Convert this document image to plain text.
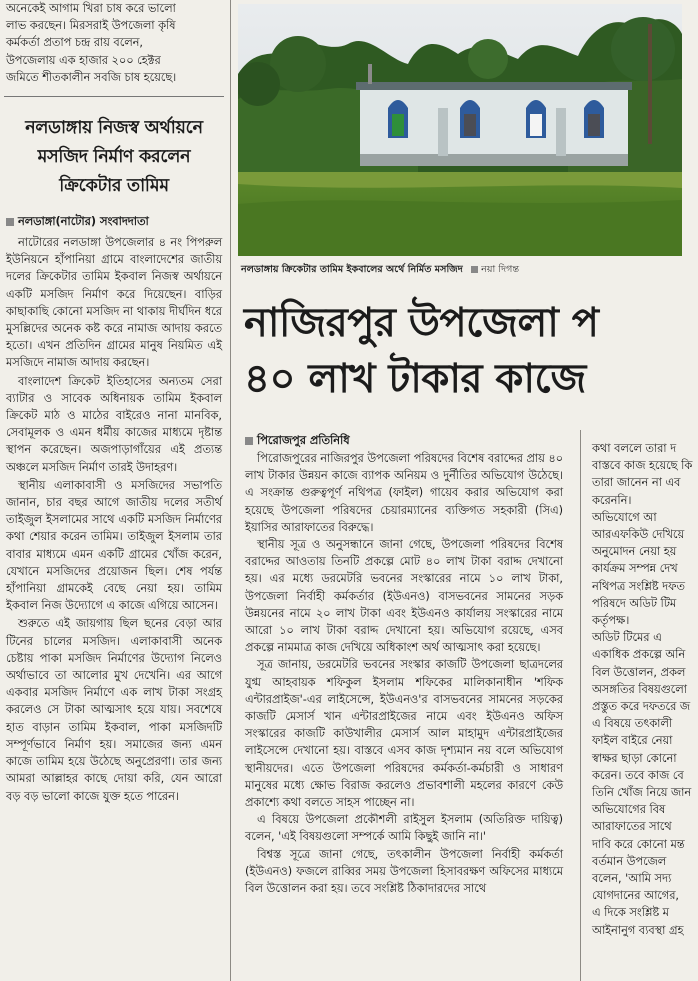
অনেকেই আগাম খিরা চাষ করে ভালো

লাভ করছেন। মিরসরাই উপজেলা কৃষি

কর্মকর্তা প্রতাপ চন্দ্র রায় বলেন,

উপজেলায় এক হাজার ২০০ হেক্টর

জমিতে শীতকালীন সবজি চাষ হয়েছে।

নলডাঙ্গায় নিজস্ব অর্থায়নে
মসজিদ নির্মাণ করলেন
ক্রিকেটার তামিম
নলডাঙ্গা(নাটোর) সংবাদদাতা

নাটোরের নলডাঙ্গা উপজেলার ৪ নং পিপরুল ইউনিয়নে হাঁপানিয়া গ্রামে বাংলাদেশের জাতীয় দলের ক্রিকেটার তামিম ইকবাল নিজস্ব অর্থায়নে একটি মসজিদ নির্মাণ করে দিয়েছেন। বাড়ির কাছাকাছি কোনো মসজিদ না থাকায় দীর্ঘদিন ধরে মুসল্লিদের অনেক কষ্ট করে নামাজ আদায় করতে হতো। এখন প্রতিদিন গ্রামের মানুষ নিয়মিত এই মসজিদে নামাজ আদায় করছেন।

বাংলাদেশ ক্রিকেট ইতিহাসের অন্যতম সেরা ব্যাটার ও সাবেক অধিনায়ক তামিম ইকবাল ক্রিকেট মাঠ ও মাঠের বাইরেও নানা মানবিক, সেবামূলক ও এমন ধর্মীয় কাজের মাধ্যমে দৃষ্টান্ত স্থাপন করেছেন। অজপাড়াগাঁয়ের এই প্রত্যন্ত অঞ্চলে মসজিদ নির্মাণ তারই উদাহরণ।

স্থানীয় এলাকাবাসী ও মসজিদের সভাপতি জানান, চার বছর আগে জাতীয় দলের সতীর্থ তাইজুল ইসলামের সাথে একটি মসজিদ নির্মাণের কথা শেয়ার করেন তামিম। তাইজুল ইসলাম তার বাবার মাধ্যমে এমন একটি গ্রামের খোঁজ করেন, যেখানে মসজিদের প্রয়োজন ছিল। শেষ পর্যন্ত হাঁপানিয়া গ্রামকেই বেছে নেয়া হয়। তামিম ইকবাল নিজ উদ্যোগে এ কাজে এগিয়ে আসেন।

শুরুতে এই জায়গায় ছিল ছনের বেড়া আর টিনের চালের মসজিদ। এলাকাবাসী অনেক চেষ্টায় পাকা মসজিদ নির্মাণের উদ্যোগ নিলেও অর্থাভাবে তা আলোর মুখ দেখেনি। এর আগে একবার মসজিদ নির্মাণে এক লাখ টাকা সংগ্রহ করলেও সে টাকা আত্মসাৎ হয়ে যায়। সবশেষে হাত বাড়ান তামিম ইকবাল, পাকা মসজিদটি সম্পূর্ণভাবে নির্মাণ হয়। সমাজের জন্য এমন কাজে তামিম হয়ে উঠেছে অনুপ্রেরণা। তার জন্য আমরা আল্লাহর কাছে দোয়া করি, যেন আরো বড় বড় ভালো কাজে যুক্ত হতে পারেন।

নলডাঙ্গায় ক্রিকেটার তামিম ইকবালের অর্থে নির্মিত মসজিদ নয়া দিগন্ত
নাজিরপুর উপজেলা প
৪০ লাখ টাকার কাজে
পিরোজপুর প্রতিনিধি

পিরোজপুরের নাজিরপুর উপজেলা পরিষদের বিশেষ বরাদ্দের প্রায় ৪০ লাখ টাকার উন্নয়ন কাজে ব্যাপক অনিয়ম ও দুর্নীতির অভিযোগ উঠেছে। এ সংক্রান্ত গুরুত্বপূর্ণ নথিপত্র (ফাইল) গায়েব করার অভিযোগ করা হয়েছে উপজেলা পরিষদের চেয়ারম্যানের ব্যক্তিগত সহকারী (সিএ) ইয়াসির আরাফাতের বিরুদ্ধে।

স্থানীয় সূত্র ও অনুসন্ধানে জানা গেছে, উপজেলা পরিষদের বিশেষ বরাদ্দের আওতায় তিনটি প্রকল্পে মোট ৪০ লাখ টাকা বরাদ্দ দেখানো হয়। এর মধ্যে ডরমেটরি ভবনের সংস্কারের নামে ১০ লাখ টাকা, উপজেলা নির্বাহী কর্মকর্তার (ইউএনও) বাসভবনের সামনের সড়ক উন্নয়নের নামে ২০ লাখ টাকা এবং ইউএনও কার্যালয় সংস্কারের নামে আরো ১০ লাখ টাকা বরাদ্দ দেখানো হয়। অভিযোগ রয়েছে, এসব প্রকল্পে নামমাত্র কাজ দেখিয়ে অধিকাংশ অর্থ আত্মসাৎ করা হয়েছে।

সূত্র জানায়, ডরমেটরি ভবনের সংস্কার কাজটি উপজেলা ছাত্রদলের যুগ্ম আহবায়ক শফিকুল ইসলাম শফিকের মালিকানাধীন 'শফিক এন্টারপ্রাইজ'-এর লাইসেন্সে, ইউএনও'র বাসভবনের সামনের সড়কের কাজটি মেসার্স খান এন্টারপ্রাইজের নামে এবং ইউএনও অফিস সংস্কারের কাজটি কাউখালীর মেসার্স আল মাহামুদ এন্টারপ্রাইজের লাইসেন্সে দেখানো হয়। বাস্তবে এসব কাজ দৃশ্যমান নয় বলে অভিযোগ স্থানীয়দের। এতে উপজেলা পরিষদের কর্মকর্তা-কর্মচারী ও সাধারণ মানুষের মধ্যে ক্ষোভ বিরাজ করলেও প্রভাবশালী মহলের কারণে কেউ প্রকাশ্যে কথা বলতে সাহস পাচ্ছেন না।

এ বিষয়ে উপজেলা প্রকৌশলী রাইসুল ইসলাম (অতিরিক্ত দায়িত্ব) বলেন, 'এই বিষয়গুলো সম্পর্কে আমি কিছুই জানি না।'

বিশ্বস্ত সূত্রে জানা গেছে, তৎকালীন উপজেলা নির্বাহী কর্মকর্তা (ইউএনও) ফজলে রাব্বির সময় উপজেলা হিসাবরক্ষণ অফিসের মাধ্যমে বিল উত্তোলন করা হয়। তবে সংশ্লিষ্ট ঠিকাদারদের সাথে

কথা বললে তারা দ

বাস্তবে কাজ হয়েছে কি

তারা জানেন না এব

করেননি।

অভিযোগে আ

আরএফকিউ দেখিয়ে

অনুমোদন নেয়া হয়

কার্যক্রম সম্পন্ন দেখ

নথিপত্র সংশ্লিষ্ট দফত

পরিষদে অডিট টিম

কর্তৃপক্ষ।

অডিট টিমের এ

একাধিক প্রকল্পে অনি

বিল উত্তোলন, প্রকল

অসঙ্গতির বিষয়গুলো

প্রস্তুত করে দফতরে জ

এ বিষয়ে তৎকালী

ফাইল বাইরে নেয়া

স্বাক্ষর ছাড়া কোনো

করেন। তবে কাজ বে

তিনি খোঁজ নিয়ে জান

অভিযোগের বিষ

আরাফাতের সাথে

দাবি করে কোনো মন্ত

বর্তমান উপজেল

বলেন, 'আমি সদ্য

যোগদানের আগের,

এ দিকে সংশ্লিষ্ট ম

আইনানুগ ব্যবস্থা গ্রহ
